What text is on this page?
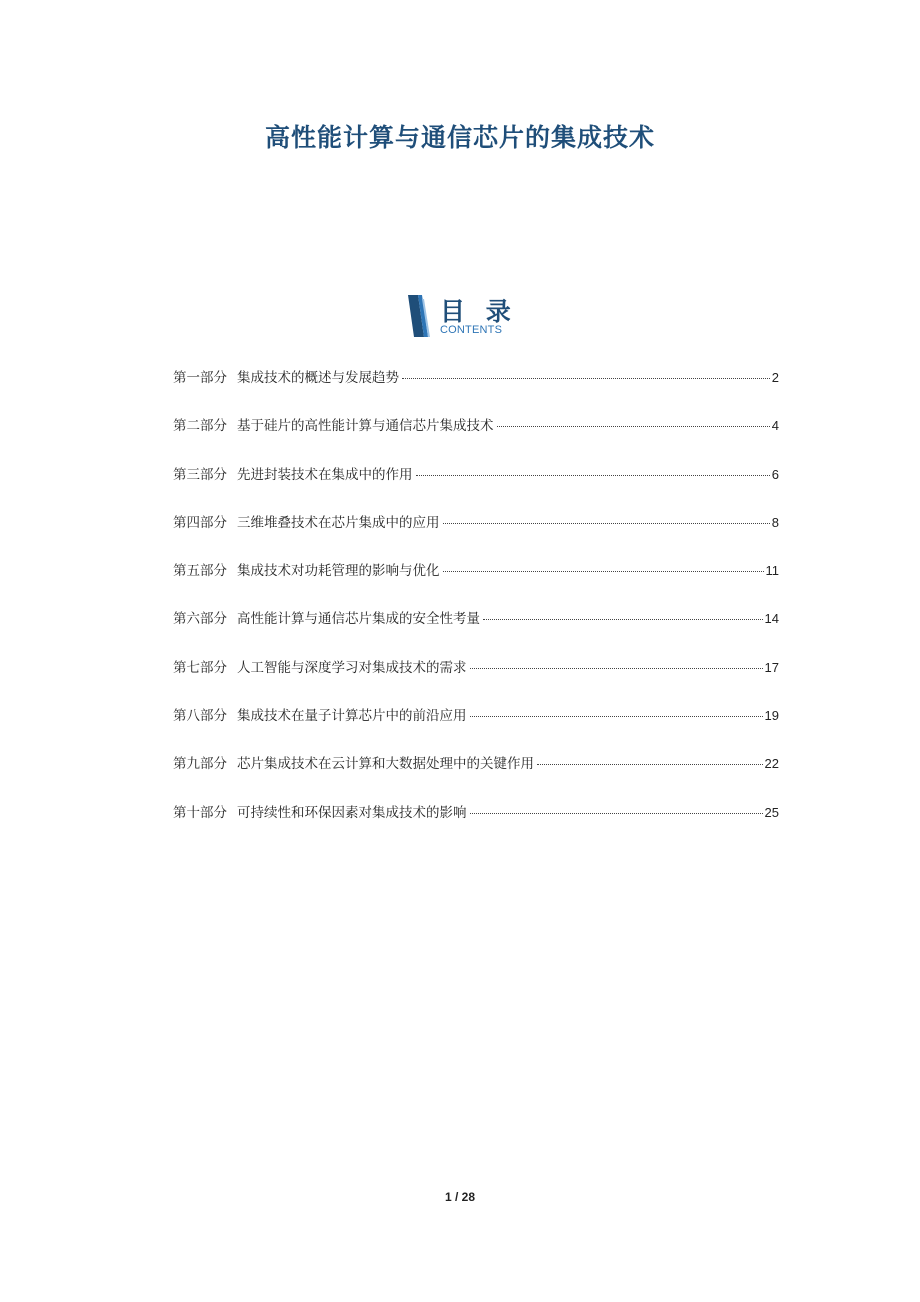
高性能计算与通信芯片的集成技术
目 录
CONTENTS
第一部分 集成技术的概述与发展趋势	2
第二部分 基于硅片的高性能计算与通信芯片集成技术	4
第三部分 先进封装技术在集成中的作用	6
第四部分 三维堆叠技术在芯片集成中的应用	8
第五部分 集成技术对功耗管理的影响与优化	11
第六部分 高性能计算与通信芯片集成的安全性考量	14
第七部分 人工智能与深度学习对集成技术的需求	17
第八部分 集成技术在量子计算芯片中的前沿应用	19
第九部分 芯片集成技术在云计算和大数据处理中的关键作用	22
第十部分 可持续性和环保因素对集成技术的影响	25
1 / 28
